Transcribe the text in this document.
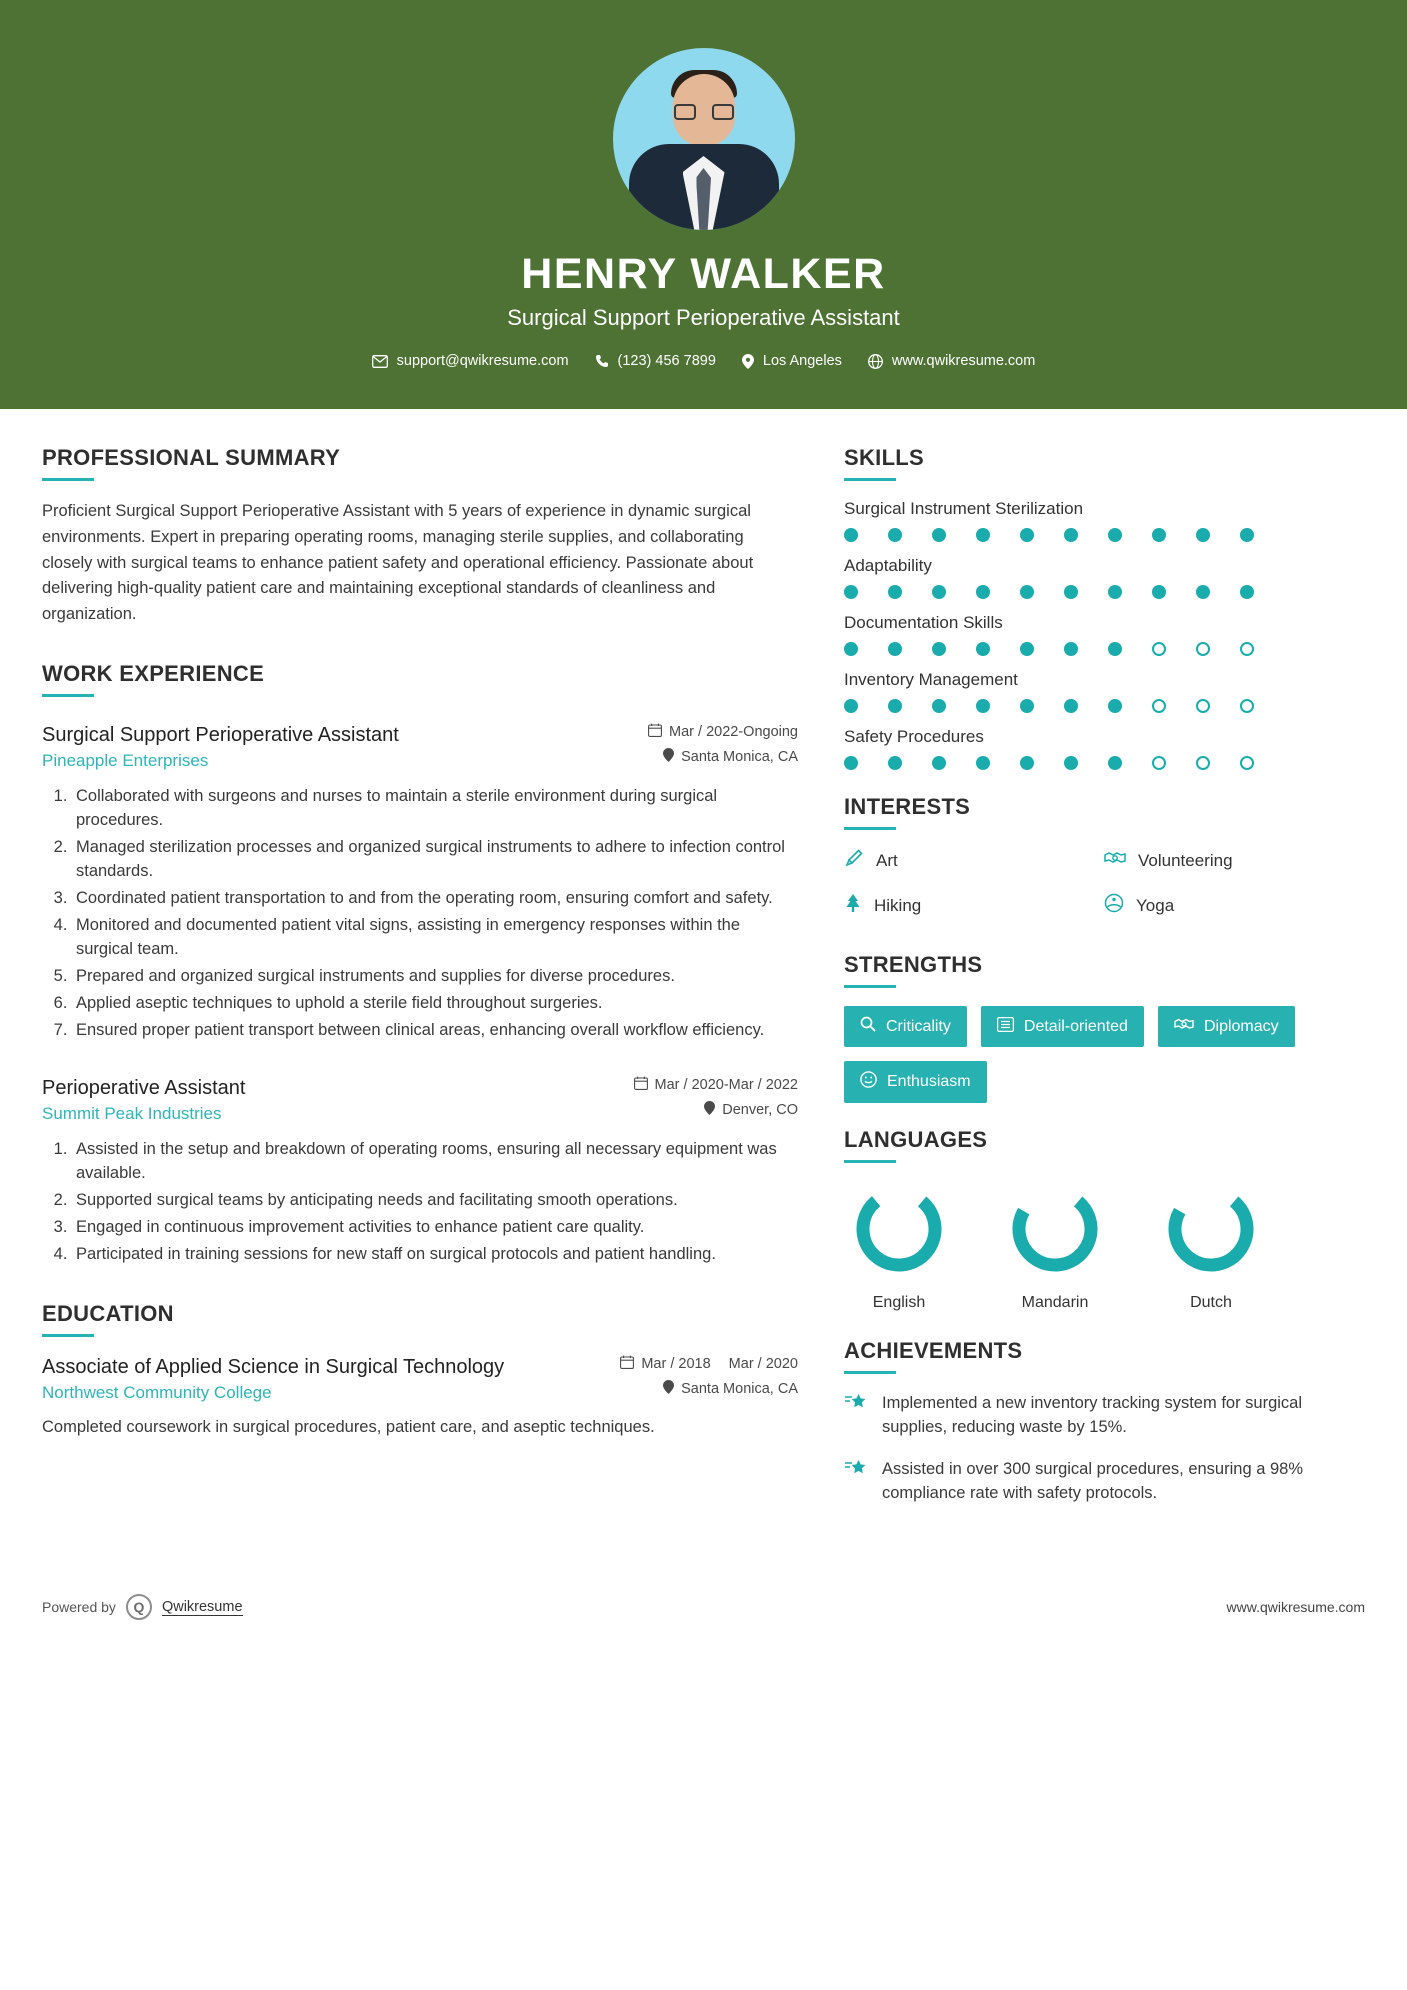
HENRY WALKER
Surgical Support Perioperative Assistant
support@qwikresume.com	(123) 456 7899	Los Angeles	www.qwikresume.com
PROFESSIONAL SUMMARY
Proficient Surgical Support Perioperative Assistant with 5 years of experience in dynamic surgical environments. Expert in preparing operating rooms, managing sterile supplies, and collaborating closely with surgical teams to enhance patient safety and operational efficiency. Passionate about delivering high-quality patient care and maintaining exceptional standards of cleanliness and organization.
WORK EXPERIENCE
Surgical Support Perioperative Assistant
Pineapple Enterprises
Mar / 2022-Ongoing
Santa Monica, CA
1. Collaborated with surgeons and nurses to maintain a sterile environment during surgical procedures.
2. Managed sterilization processes and organized surgical instruments to adhere to infection control standards.
3. Coordinated patient transportation to and from the operating room, ensuring comfort and safety.
4. Monitored and documented patient vital signs, assisting in emergency responses within the surgical team.
5. Prepared and organized surgical instruments and supplies for diverse procedures.
6. Applied aseptic techniques to uphold a sterile field throughout surgeries.
7. Ensured proper patient transport between clinical areas, enhancing overall workflow efficiency.
Perioperative Assistant
Summit Peak Industries
Mar / 2020-Mar / 2022
Denver, CO
1. Assisted in the setup and breakdown of operating rooms, ensuring all necessary equipment was available.
2. Supported surgical teams by anticipating needs and facilitating smooth operations.
3. Engaged in continuous improvement activities to enhance patient care quality.
4. Participated in training sessions for new staff on surgical protocols and patient handling.
EDUCATION
Associate of Applied Science in Surgical Technology
Northwest Community College
Mar / 2018 Mar / 2020
Santa Monica, CA
Completed coursework in surgical procedures, patient care, and aseptic techniques.
SKILLS
Surgical Instrument Sterilization
Adaptability
Documentation Skills
Inventory Management
Safety Procedures
INTERESTS
Art	Volunteering
Hiking	Yoga
STRENGTHS
Criticality	Detail-oriented	Diplomacy
Enthusiasm
LANGUAGES
English	Mandarin	Dutch
ACHIEVEMENTS
Implemented a new inventory tracking system for surgical supplies, reducing waste by 15%.
Assisted in over 300 surgical procedures, ensuring a 98% compliance rate with safety protocols.
Powered by	Q	Qwikresume	www.qwikresume.com
